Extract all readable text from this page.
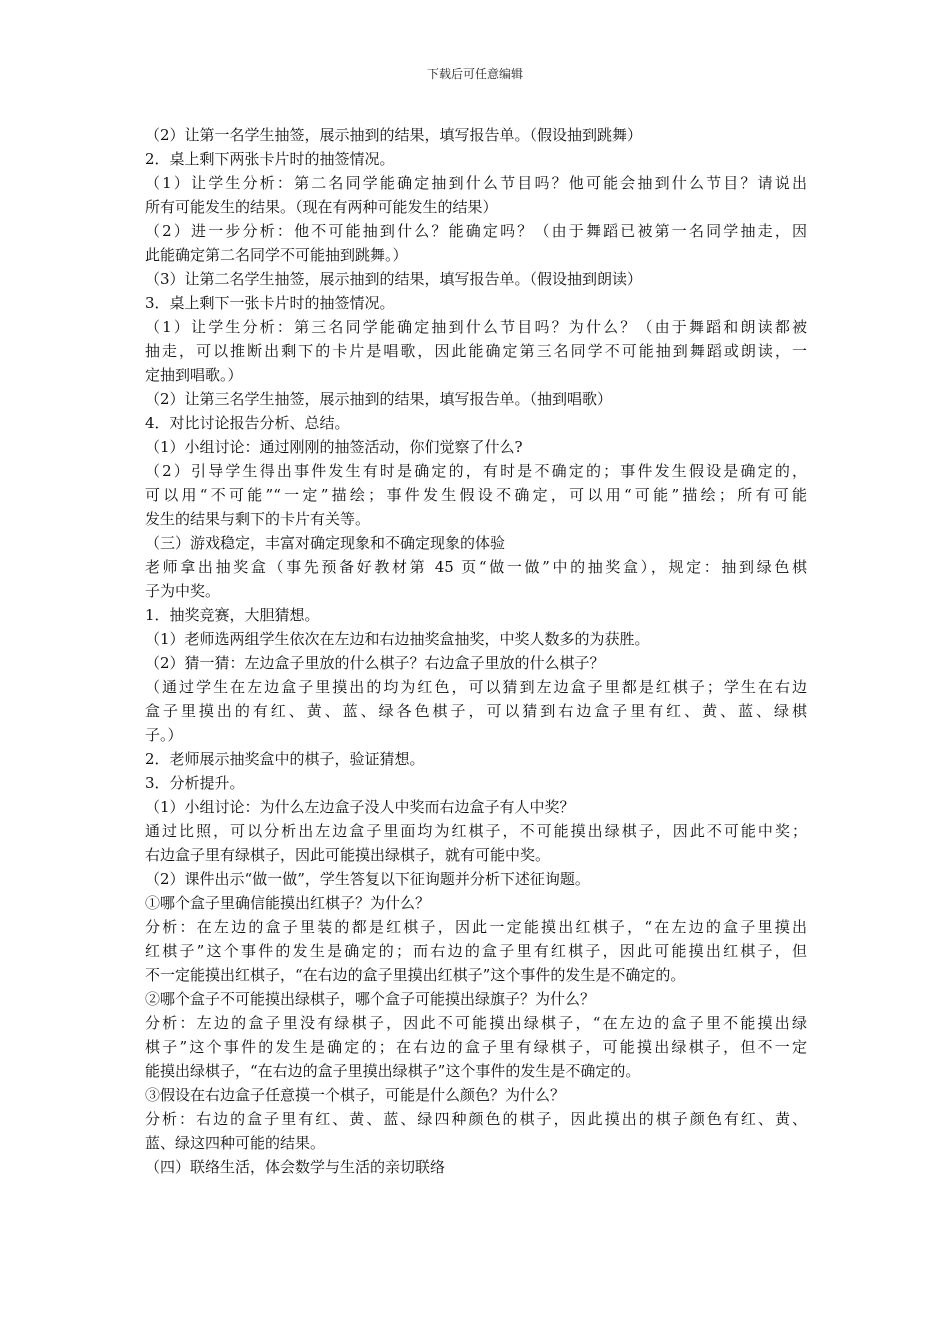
下载后可任意编辑
（2）让第一名学生抽签，展示抽到的结果，填写报告单。（假设抽到跳舞）
2．桌上剩下两张卡片时的抽签情况。
（1）让学生分析：第二名同学能确定抽到什么节目吗？他可能会抽到什么节目？请说出
所有可能发生的结果。（现在有两种可能发生的结果）
（2）进一步分析：他不可能抽到什么？能确定吗？（由于舞蹈已被第一名同学抽走，因
此能确定第二名同学不可能抽到跳舞。）
（3）让第二名学生抽签，展示抽到的结果，填写报告单。（假设抽到朗读）
3．桌上剩下一张卡片时的抽签情况。
（1）让学生分析：第三名同学能确定抽到什么节目吗？为什么？（由于舞蹈和朗读都被
抽走，可以推断出剩下的卡片是唱歌，因此能确定第三名同学不可能抽到舞蹈或朗读，一
定抽到唱歌。）
（2）让第三名学生抽签，展示抽到的结果，填写报告单。（抽到唱歌）
4．对比讨论报告分析、总结。
（1）小组讨论：通过刚刚的抽签活动，你们觉察了什么?
（2）引导学生得出事件发生有时是确定的，有时是不确定的；事件发生假设是确定的，
可以用“不可能”“一定”描绘；事件发生假设不确定，可以用“可能”描绘；所有可能
发生的结果与剩下的卡片有关等。
（三）游戏稳定，丰富对确定现象和不确定现象的体验
老师拿出抽奖盒（事先预备好教材第 45 页“做一做”中的抽奖盒），规定：抽到绿色棋
子为中奖。
1．抽奖竞赛，大胆猜想。
（1）老师选两组学生依次在左边和右边抽奖盒抽奖，中奖人数多的为获胜。
（2）猜一猜：左边盒子里放的什么棋子？右边盒子里放的什么棋子？
（通过学生在左边盒子里摸出的均为红色，可以猜到左边盒子里都是红棋子；学生在右边
盒子里摸出的有红、黄、蓝、绿各色棋子，可以猜到右边盒子里有红、黄、蓝、绿棋
子。）
2．老师展示抽奖盒中的棋子，验证猜想。
3．分析提升。
（1）小组讨论：为什么左边盒子没人中奖而右边盒子有人中奖？
通过比照，可以分析出左边盒子里面均为红棋子，不可能摸出绿棋子，因此不可能中奖；
右边盒子里有绿棋子，因此可能摸出绿棋子，就有可能中奖。
（2）课件出示“做一做”，学生答复以下征询题并分析下述征询题。
①哪个盒子里确信能摸出红棋子？为什么？
分析：在左边的盒子里装的都是红棋子，因此一定能摸出红棋子，“在左边的盒子里摸出
红棋子”这个事件的发生是确定的；而右边的盒子里有红棋子，因此可能摸出红棋子，但
不一定能摸出红棋子，“在右边的盒子里摸出红棋子”这个事件的发生是不确定的。
②哪个盒子不可能摸出绿棋子，哪个盒子可能摸出绿旗子？为什么？
分析：左边的盒子里没有绿棋子，因此不可能摸出绿棋子，“在左边的盒子里不能摸出绿
棋子”这个事件的发生是确定的；在右边的盒子里有绿棋子，可能摸出绿棋子，但不一定
能摸出绿棋子，“在右边的盒子里摸出绿棋子”这个事件的发生是不确定的。
③假设在右边盒子任意摸一个棋子，可能是什么颜色？为什么？
分析：右边的盒子里有红、黄、蓝、绿四种颜色的棋子，因此摸出的棋子颜色有红、黄、
蓝、绿这四种可能的结果。
（四）联络生活，体会数学与生活的亲切联络
